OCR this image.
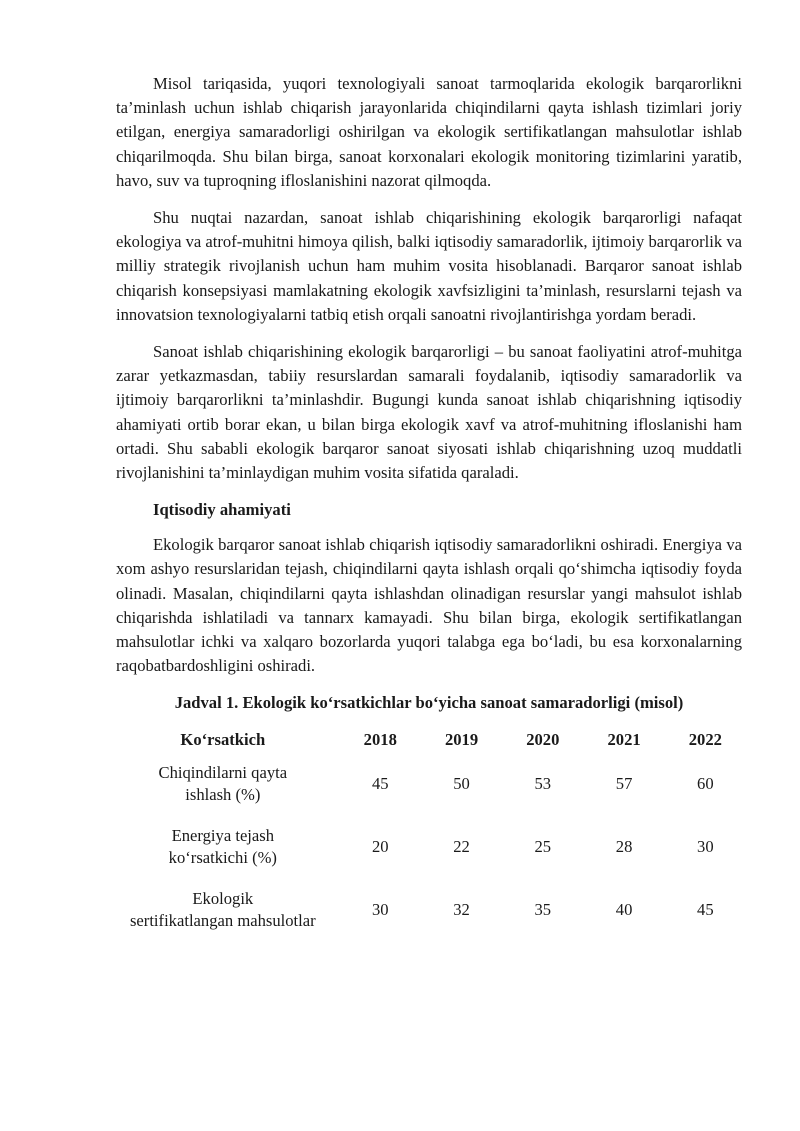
Misol tariqasida, yuqori texnologiyali sanoat tarmoqlarida ekologik barqarorlikni ta’minlash uchun ishlab chiqarish jarayonlarida chiqindilarni qayta ishlash tizimlari joriy etilgan, energiya samaradorligi oshirilgan va ekologik sertifikatlangan mahsulotlar ishlab chiqarilmoqda. Shu bilan birga, sanoat korxonalari ekologik monitoring tizimlarini yaratib, havo, suv va tuproqning ifloslanishini nazorat qilmoqda.

Shu nuqtai nazardan, sanoat ishlab chiqarishining ekologik barqarorligi nafaqat ekologiya va atrof-muhitni himoya qilish, balki iqtisodiy samaradorlik, ijtimoiy barqarorlik va milliy strategik rivojlanish uchun ham muhim vosita hisoblanadi. Barqaror sanoat ishlab chiqarish konsepsiyasi mamlakatning ekologik xavfsizligini ta’minlash, resurslarni tejash va innovatsion texnologiyalarni tatbiq etish orqali sanoatni rivojlantirishga yordam beradi.

Sanoat ishlab chiqarishining ekologik barqarorligi – bu sanoat faoliyatini atrof-muhitga zarar yetkazmasdan, tabiiy resurslardan samarali foydalanib, iqtisodiy samaradorlik va ijtimoiy barqarorlikni ta’minlashdir. Bugungi kunda sanoat ishlab chiqarishning iqtisodiy ahamiyati ortib borar ekan, u bilan birga ekologik xavf va atrof-muhitning ifloslanishi ham ortadi. Shu sababli ekologik barqaror sanoat siyosati ishlab chiqarishning uzoq muddatli rivojlanishini ta’minlaydigan muhim vosita sifatida qaraladi.

Iqtisodiy ahamiyati

Ekologik barqaror sanoat ishlab chiqarish iqtisodiy samaradorlikni oshiradi. Energiya va xom ashyo resurslaridan tejash, chiqindilarni qayta ishlash orqali qo‘shimcha iqtisodiy foyda olinadi. Masalan, chiqindilarni qayta ishlashdan olinadigan resurslar yangi mahsulot ishlab chiqarishda ishlatiladi va tannarx kamayadi. Shu bilan birga, ekologik sertifikatlangan mahsulotlar ichki va xalqaro bozorlarda yuqori talabga ega bo‘ladi, bu esa korxonalarning raqobatbardoshligini oshiradi.

Jadval 1. Ekologik ko‘rsatkichlar bo‘yicha sanoat samaradorligi (misol)
Ko‘rsatkich	2018	2019	2020	2021	2022
Chiqindilarni qayta
ishlash (%)	45	50	53	57	60
Energiya tejash
ko‘rsatkichi (%)	20	22	25	28	30
Ekologik
sertifikatlangan mahsulotlar	30	32	35	40	45
